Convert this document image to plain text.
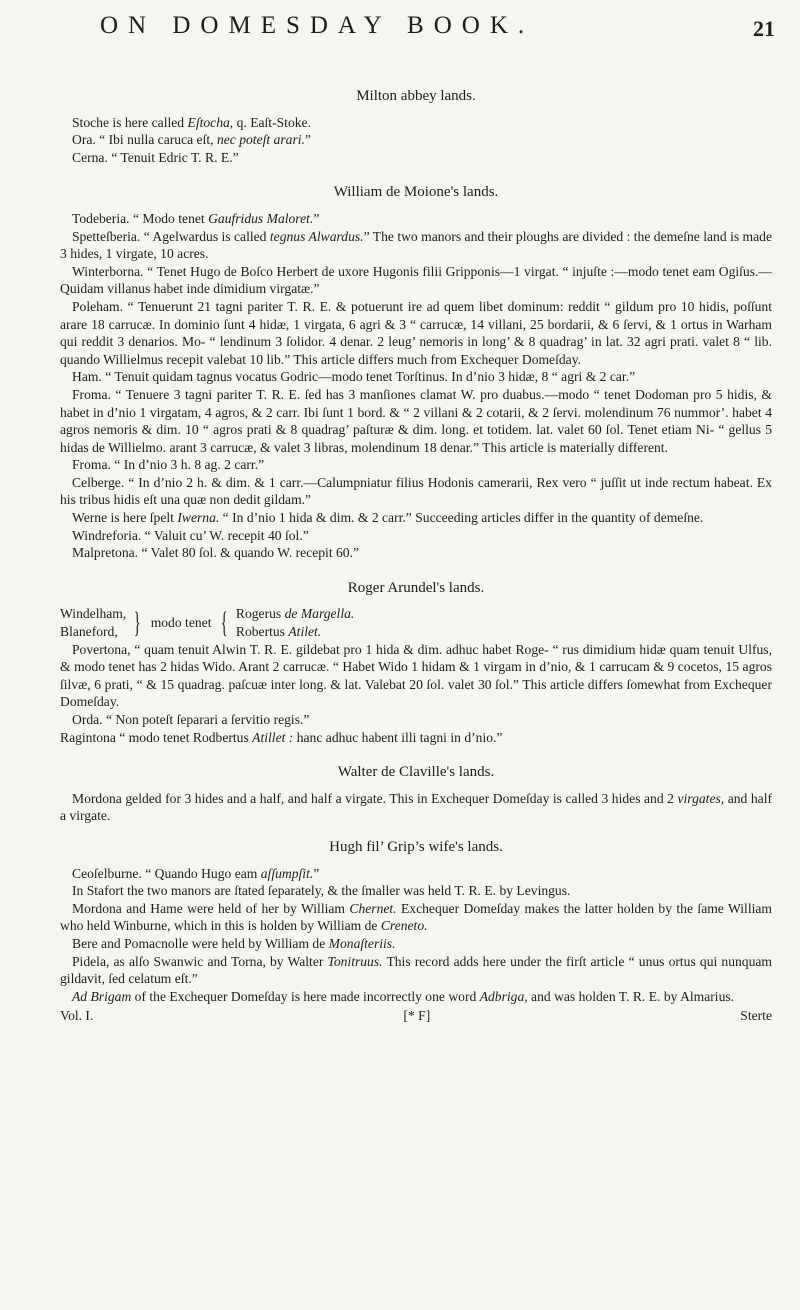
ON DOMESDAY BOOK.	21
Milton abbey lands.

Stoche is here called Eſtocha, q. Eaſt-Stoke.

Ora. “ Ibi nulla caruca eſt, nec poteſt arari.”

Cerna. “ Tenuit Edric T. R. E.”

William de Moione's lands.

Todeberia. “ Modo tenet Gaufridus Maloret.”

Spetteſberia. “ Agelwardus is called tegnus Alwardus.” The two manors and their ploughs are divided : the demeſne land is made 3 hides, 1 virgate, 10 acres.

Winterborna. “ Tenet Hugo de Boſco Herbert de uxore Hugonis filii Gripponis—1 virgat. “ injuſte :—modo tenet eam Ogiſus.—Quidam villanus habet inde dimidium virgatæ.”

Poleham. “ Tenuerunt 21 tagni pariter T. R. E. & potuerunt ire ad quem libet dominum: reddit “ gildum pro 10 hidis, poſſunt arare 18 carrucæ. In dominio ſunt 4 hidæ, 1 virgata, 6 agri & 3 “ carrucæ, 14 villani, 25 bordarii, & 6 ſervi, & 1 ortus in Warham qui reddit 3 denarios. Mo- “ lendinum 3 ſolidor. 4 denar. 2 leug’ nemoris in long’ & 8 quadrag’ in lat. 32 agri prati. valet 8 “ lib. quando Willielmus recepit valebat 10 lib.” This article differs much from Exchequer Domeſday.

Ham. “ Tenuit quidam tagnus vocatus Godric—modo tenet Torſtinus. In d’nio 3 hidæ, 8 “ agri & 2 car.”

Froma. “ Tenuere 3 tagni pariter T. R. E. ſed has 3 manſiones clamat W. pro duabus.—modo “ tenet Dodoman pro 5 hidis, & habet in d’nio 1 virgatam, 4 agros, & 2 carr. Ibi ſunt 1 bord. & “ 2 villani & 2 cotarii, & 2 ſervi. molendinum 76 nummor’. habet 4 agros nemoris & dim. 10 “ agros prati & 8 quadrag’ paſturæ & dim. long. et totidem. lat. valet 60 ſol. Tenet etiam Ni- “ gellus 5 hidas de Willielmo. arant 3 carrucæ, & valet 3 libras, molendinum 18 denar.” This article is materially different.

Froma. “ In d’nio 3 h. 8 ag. 2 carr.”

Celberge. “ In d’nio 2 h. & dim. & 1 carr.—Calumpniatur filius Hodonis camerarii, Rex vero “ juſſit ut inde rectum habeat. Ex his tribus hidis eſt una quæ non dedit gildam.”

Werne is here ſpelt Iwerna. “ In d’nio 1 hida & dim. & 2 carr.” Succeeding articles differ in the quantity of demeſne.

Windreforia. “ Valuit cu’ W. recepit 40 ſol.”

Malpretona. “ Valet 80 ſol. & quando W. recepit 60.”

Roger Arundel's lands.
Windelham,
Blaneford, } modo tenet { Rogerus de Margella.
Robertus Atilet.

Povertona, “ quam tenuit Alwin T. R. E. gildebat pro 1 hida & dim. adhuc habet Roge- “ rus dimidium hidæ quam tenuit Ulfus, & modo tenet has 2 hidas Wido. Arant 2 carrucæ. “ Habet Wido 1 hidam & 1 virgam in d’nio, & 1 carrucam & 9 cocetos, 15 agros ſilvæ, 6 prati, “ & 15 quadrag. paſcuæ inter long. & lat. Valebat 20 ſol. valet 30 ſol.” This article differs ſomewhat from Exchequer Domeſday.

Orda. “ Non poteſt ſeparari a ſervitio regis.”

Ragintona “ modo tenet Rodbertus Atillet : hanc adhuc habent illi tagni in d’nio.”

Walter de Claville's lands.

Mordona gelded for 3 hides and a half, and half a virgate. This in Exchequer Domeſday is called 3 hides and 2 virgates, and half a virgate.

Hugh fil’ Grip’s wife's lands.

Ceoſelburne. “ Quando Hugo eam aſſumpſit.”

In Stafort the two manors are ſtated ſeparately, & the ſmaller was held T. R. E. by Levingus.

Mordona and Hame were held of her by William Chernet. Exchequer Domeſday makes the latter holden by the ſame William who held Winburne, which in this is holden by William de Creneto.

Bere and Pomacnolle were held by William de Monaſteriis.

Pidela, as alſo Swanwic and Torna, by Walter Tonitruus. This record adds here under the firſt article “ unus ortus qui nunquam gildavit, ſed celatum eſt.”

Ad Brigam of the Exchequer Domeſday is here made incorrectly one word Adbriga, and was holden T. R. E. by Almarius.

Vol. I.	[* F]	Sterte
